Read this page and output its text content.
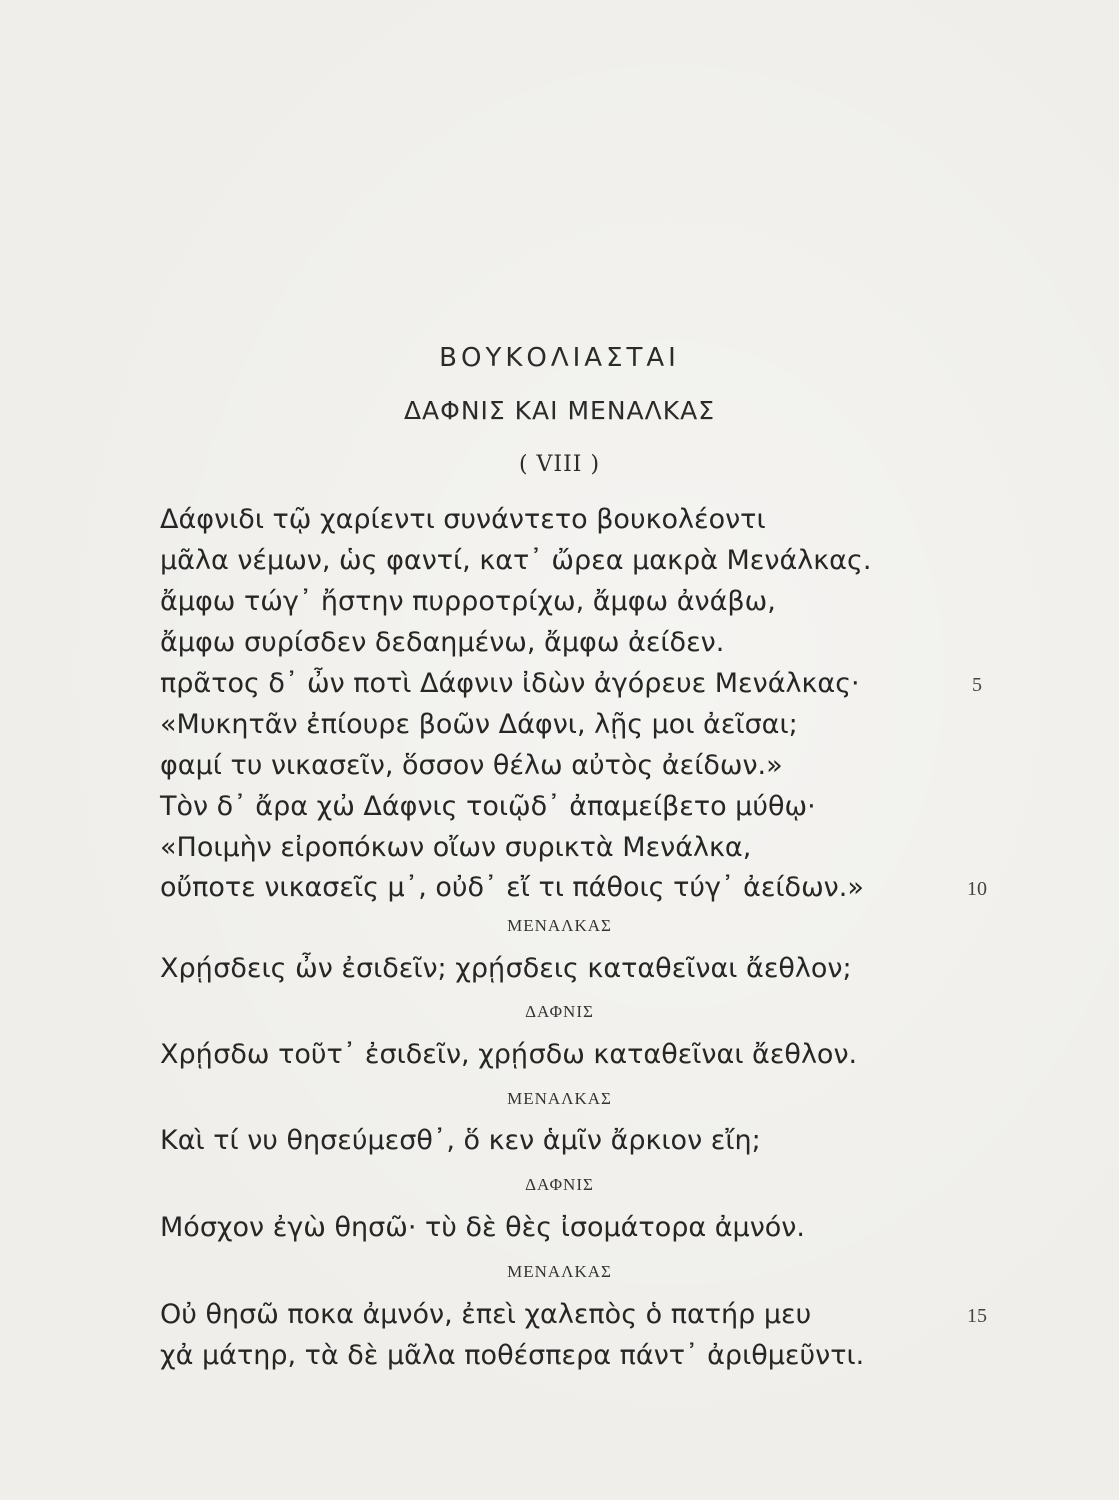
ΒΟΥΚΟΛΙΑΣΤΑΙ
ΔΑΦΝΙΣ ΚΑΙ ΜΕΝΑΛΚΑΣ
( VIII )
Δάφνιδι τῷ χαρίεντι συνάντετο βουκολέοντι
μᾶλα νέμων, ὡς φαντί, κατ᾽ ὤρεα μακρὰ Μενάλκας.
ἄμφω τώγ᾽ ἤστην πυρροτρίχω, ἄμφω ἀνάβω,
ἄμφω συρίσδεν δεδαημένω, ἄμφω ἀείδεν.
πρᾶτος δ᾽ ὦν ποτὶ Δάφνιν ἰδὼν ἀγόρευε Μενάλκας·	5
«Μυκητᾶν ἐπίουρε βοῶν Δάφνι, λῇς μοι ἀεῖσαι;
φαμί τυ νικασεῖν, ὅσσον θέλω αὐτὸς ἀείδων.»
Τὸν δ᾽ ἄρα χὠ Δάφνις τοιῷδ᾽ ἀπαμείβετο μύθῳ·
«Ποιμὴν εἰροπόκων οἴων συρικτὰ Μενάλκα,
οὔποτε νικασεῖς μ᾽, οὐδ᾽ εἴ τι πάθοις τύγ᾽ ἀείδων.»	10
ΜΕΝΑΛΚΑΣ
Χρῄσδεις ὦν ἐσιδεῖν; χρῄσδεις καταθεῖναι ἄεθλον;
ΔΑΦΝΙΣ
Χρῄσδω τοῦτ᾽ ἐσιδεῖν, χρῄσδω καταθεῖναι ἄεθλον.
ΜΕΝΑΛΚΑΣ
Καὶ τί νυ θησεύμεσθ᾽, ὅ κεν ἁμῖν ἄρκιον εἴη;
ΔΑΦΝΙΣ
Μόσχον ἐγὼ θησῶ· τὺ δὲ θὲς ἰσομάτορα ἀμνόν.
ΜΕΝΑΛΚΑΣ
Οὐ θησῶ ποκα ἀμνόν, ἐπεὶ χαλεπὸς ὁ πατήρ μευ	15
χἀ μάτηρ, τὰ δὲ μᾶλα ποθέσπερα πάντ᾽ ἀριθμεῦντι.
